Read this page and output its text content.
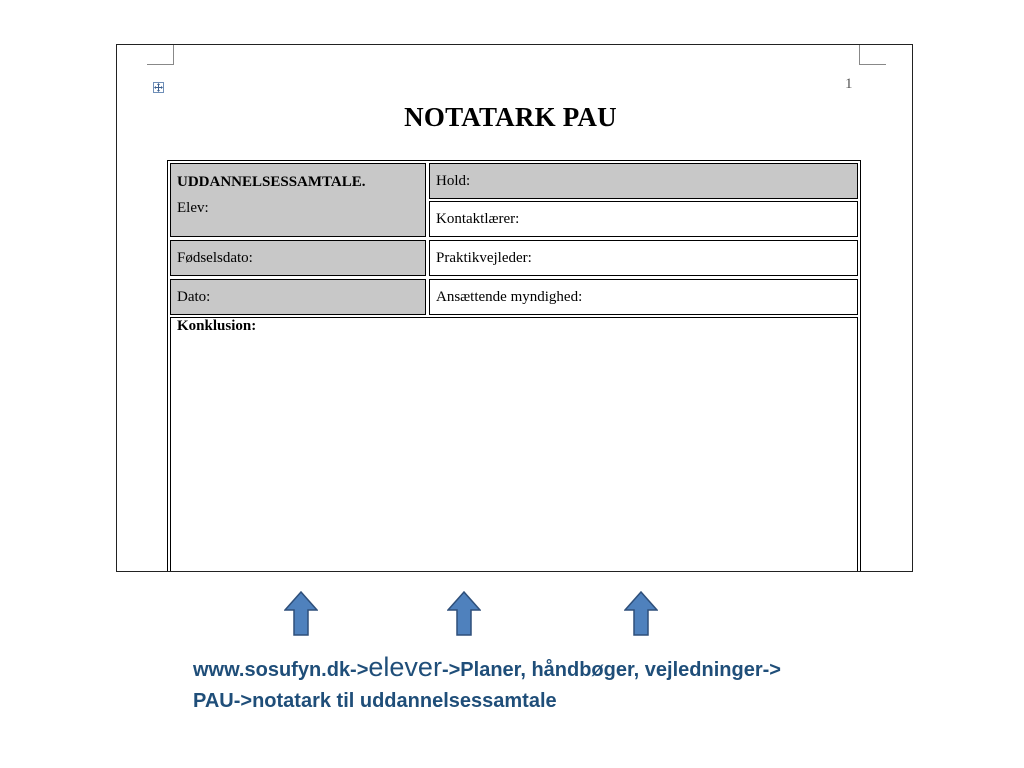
1
NOTATARK PAU
UDDANNELSESSAMTALE.
Elev:
Hold:
Kontaktlærer:
Fødselsdato:	Praktikvejleder:
Dato:	Ansættende myndighed:
Konklusion:
www.sosufyn.dk->elever->Planer, håndbøger, vejledninger->
PAU->notatark til uddannelsessamtale
